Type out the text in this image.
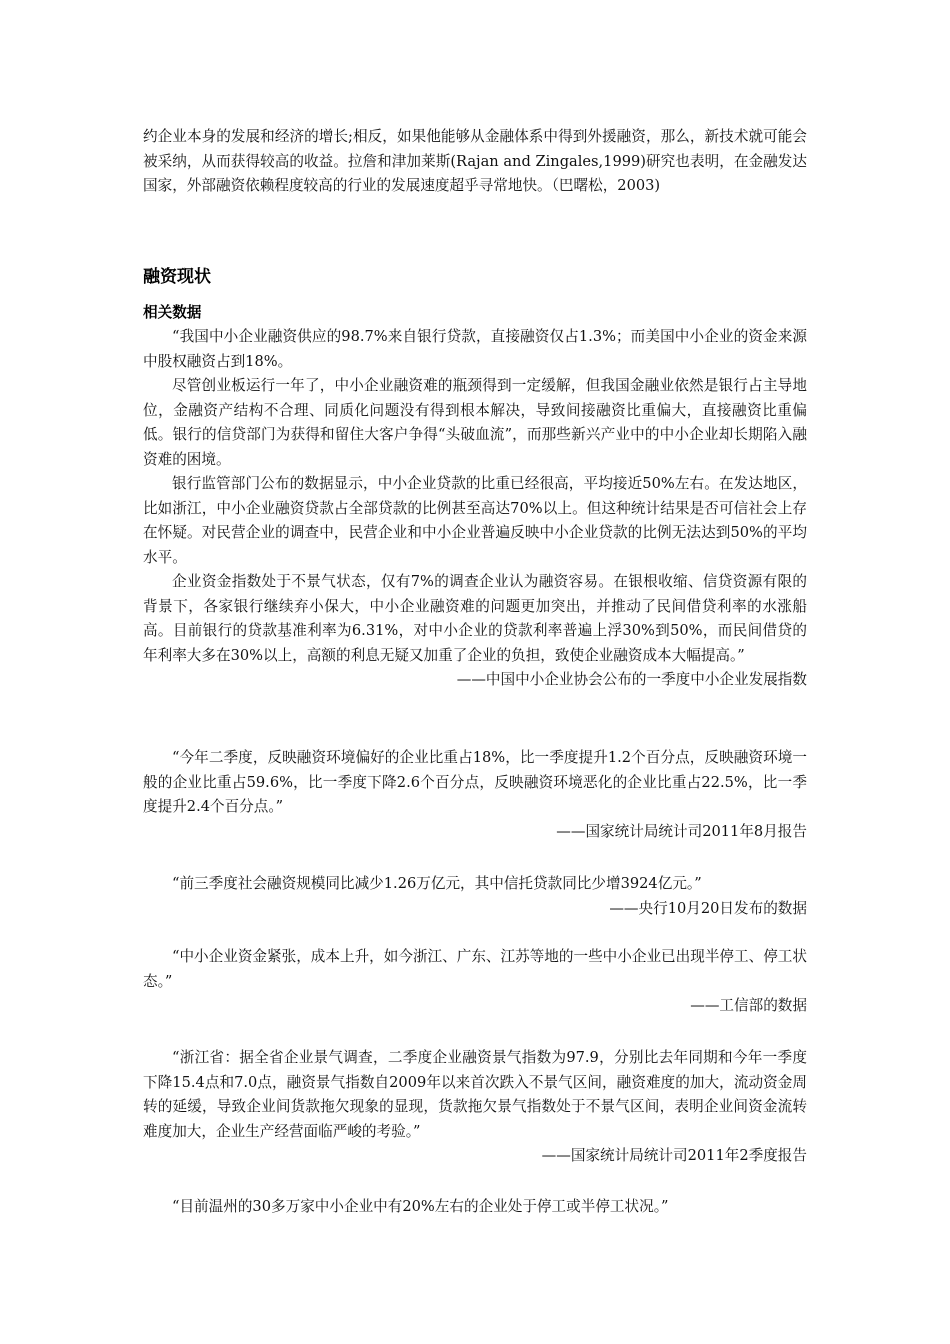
约企业本身的发展和经济的增长;相反，如果他能够从金融体系中得到外援融资，那么，新技术就可能会被采纳，从而获得较高的收益。拉詹和津加莱斯(Rajan and Zingales,1999)研究也表明，在金融发达国家，外部融资依赖程度较高的行业的发展速度超乎寻常地快。（巴曙松，2003)

融资现状
相关数据

“我国中小企业融资供应的98.7%来自银行贷款，直接融资仅占1.3%；而美国中小企业的资金来源中股权融资占到18%。

尽管创业板运行一年了，中小企业融资难的瓶颈得到一定缓解，但我国金融业依然是银行占主导地位，金融资产结构不合理、同质化问题没有得到根本解决，导致间接融资比重偏大，直接融资比重偏低。银行的信贷部门为获得和留住大客户争得“头破血流”，而那些新兴产业中的中小企业却长期陷入融资难的困境。

银行监管部门公布的数据显示，中小企业贷款的比重已经很高，平均接近50%左右。在发达地区，比如浙江，中小企业融资贷款占全部贷款的比例甚至高达70%以上。但这种统计结果是否可信社会上存在怀疑。对民营企业的调查中，民营企业和中小企业普遍反映中小企业贷款的比例无法达到50%的平均水平。

企业资金指数处于不景气状态，仅有7%的调查企业认为融资容易。在银根收缩、信贷资源有限的背景下，各家银行继续弃小保大，中小企业融资难的问题更加突出，并推动了民间借贷利率的水涨船高。目前银行的贷款基准利率为6.31%，对中小企业的贷款利率普遍上浮30%到50%，而民间借贷的年利率大多在30%以上，高额的利息无疑又加重了企业的负担，致使企业融资成本大幅提高。”

——中国中小企业协会公布的一季度中小企业发展指数

“今年二季度，反映融资环境偏好的企业比重占18%，比一季度提升1.2个百分点，反映融资环境一般的企业比重占59.6%，比一季度下降2.6个百分点，反映融资环境恶化的企业比重占22.5%，比一季度提升2.4个百分点。”

——国家统计局统计司2011年8月报告

“前三季度社会融资规模同比减少1.26万亿元，其中信托贷款同比少增3924亿元。”

——央行10月20日发布的数据

“中小企业资金紧张，成本上升，如今浙江、广东、江苏等地的一些中小企业已出现半停工、停工状态。”

——工信部的数据

“浙江省：据全省企业景气调查，二季度企业融资景气指数为97.9，分别比去年同期和今年一季度下降15.4点和7.0点，融资景气指数自2009年以来首次跌入不景气区间，融资难度的加大，流动资金周转的延缓，导致企业间货款拖欠现象的显现，货款拖欠景气指数处于不景气区间，表明企业间资金流转难度加大，企业生产经营面临严峻的考验。”

——国家统计局统计司2011年2季度报告

“目前温州的30多万家中小企业中有20%左右的企业处于停工或半停工状况。”
